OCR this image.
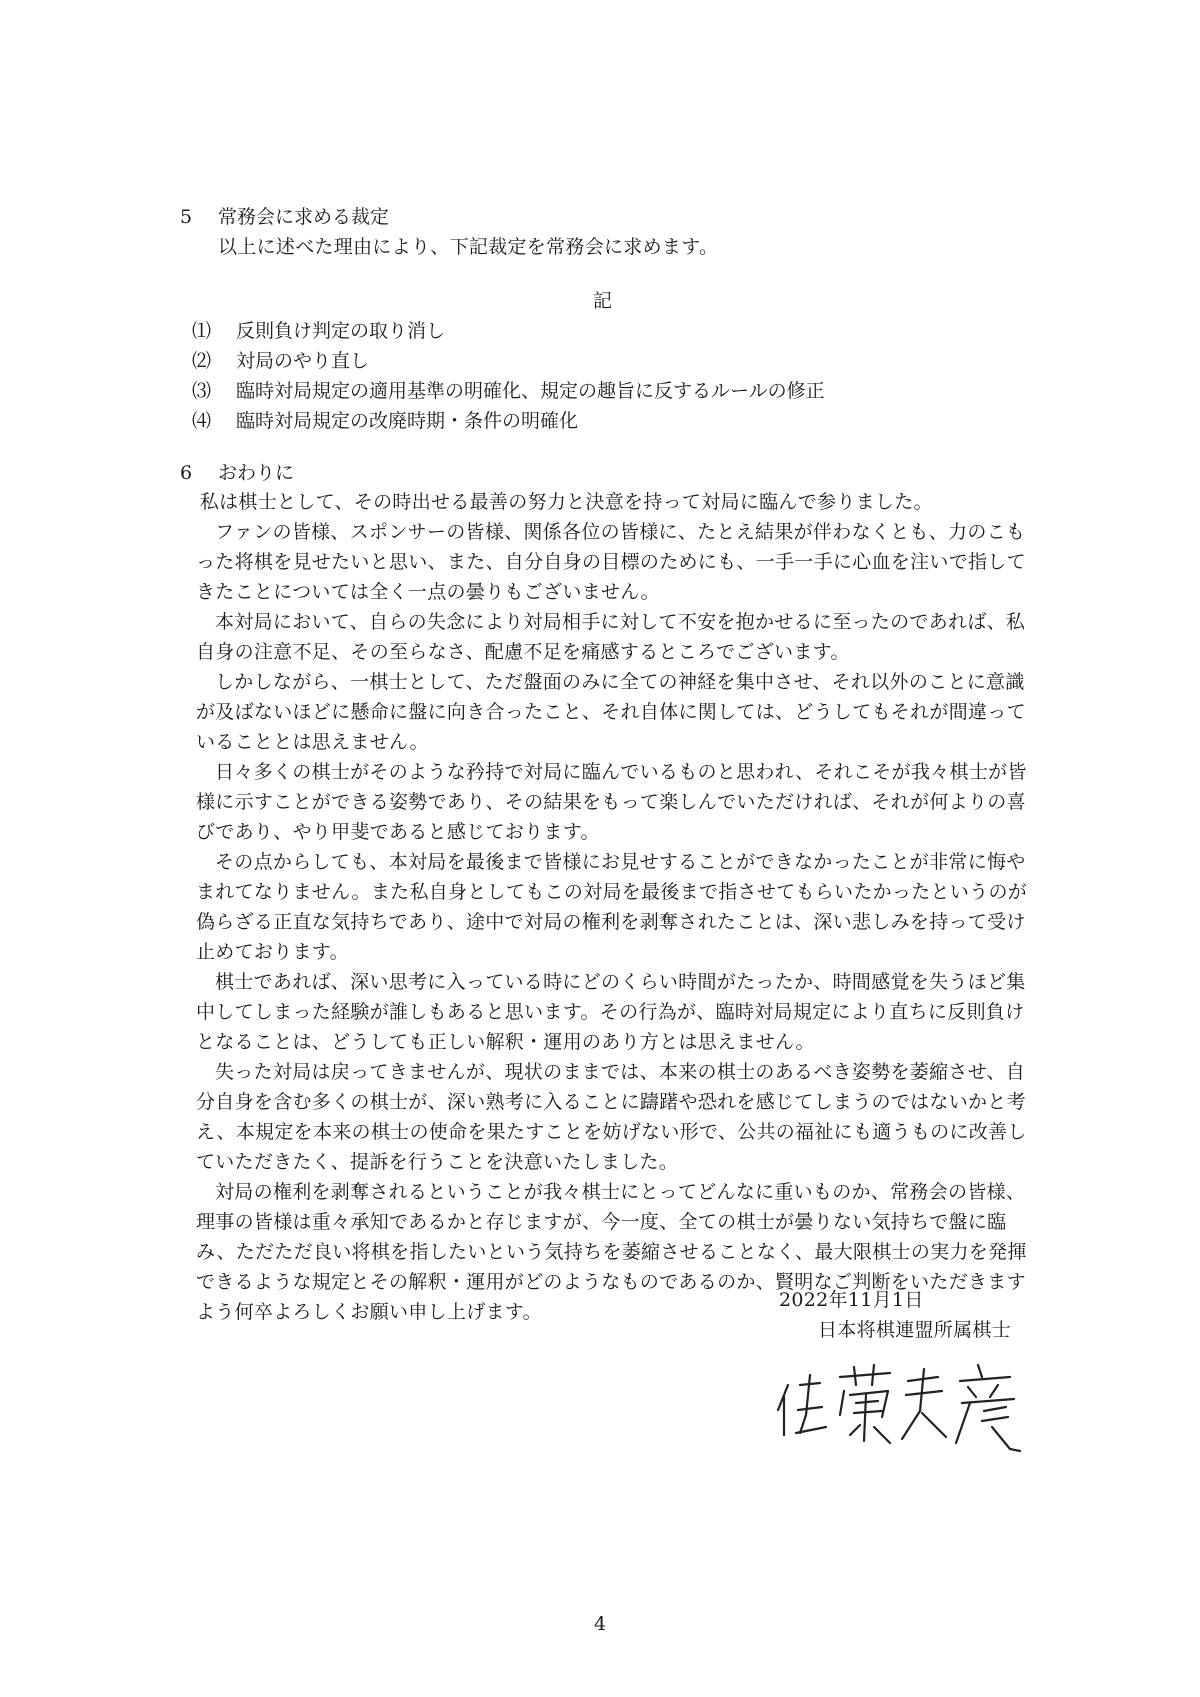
5 常務会に求める裁定
以上に述べた理由により、下記裁定を常務会に求めます。
記
⑴ 反則負け判定の取り消し
⑵ 対局のやり直し
⑶ 臨時対局規定の適用基準の明確化、規定の趣旨に反するルールの修正
⑷ 臨時対局規定の改廃時期・条件の明確化
6 おわりに

私は棋士として、その時出せる最善の努力と決意を持って対局に臨んで参りました。

ファンの皆様、スポンサーの皆様、関係各位の皆様に、たとえ結果が伴わなくとも、力のこもった将棋を見せたいと思い、また、自分自身の目標のためにも、一手一手に心血を注いで指してきたことについては全く一点の曇りもございません。

本対局において、自らの失念により対局相手に対して不安を抱かせるに至ったのであれば、私自身の注意不足、その至らなさ、配慮不足を痛感するところでございます。

しかしながら、一棋士として、ただ盤面のみに全ての神経を集中させ、それ以外のことに意識が及ばないほどに懸命に盤に向き合ったこと、それ自体に関しては、どうしてもそれが間違っていることとは思えません。

日々多くの棋士がそのような矜持で対局に臨んでいるものと思われ、それこそが我々棋士が皆様に示すことができる姿勢であり、その結果をもって楽しんでいただければ、それが何よりの喜びであり、やり甲斐であると感じております。

その点からしても、本対局を最後まで皆様にお見せすることができなかったことが非常に悔やまれてなりません。また私自身としてもこの対局を最後まで指させてもらいたかったというのが偽らざる正直な気持ちであり、途中で対局の権利を剥奪されたことは、深い悲しみを持って受け止めております。

棋士であれば、深い思考に入っている時にどのくらい時間がたったか、時間感覚を失うほど集中してしまった経験が誰しもあると思います。その行為が、臨時対局規定により直ちに反則負けとなることは、どうしても正しい解釈・運用のあり方とは思えません。

失った対局は戻ってきませんが、現状のままでは、本来の棋士のあるべき姿勢を萎縮させ、自分自身を含む多くの棋士が、深い熟考に入ることに躊躇や恐れを感じてしまうのではないかと考え、本規定を本来の棋士の使命を果たすことを妨げない形で、公共の福祉にも適うものに改善していただきたく、提訴を行うことを決意いたしました。

対局の権利を剥奪されるということが我々棋士にとってどんなに重いものか、常務会の皆様、理事の皆様は重々承知であるかと存じますが、今一度、全ての棋士が曇りない気持ちで盤に臨み、ただただ良い将棋を指したいという気持ちを萎縮させることなく、最大限棋士の実力を発揮できるような規定とその解釈・運用がどのようなものであるのか、賢明なご判断をいただきますよう何卒よろしくお願い申し上げます。

2022年11月1日
日本将棋連盟所属棋士
4
